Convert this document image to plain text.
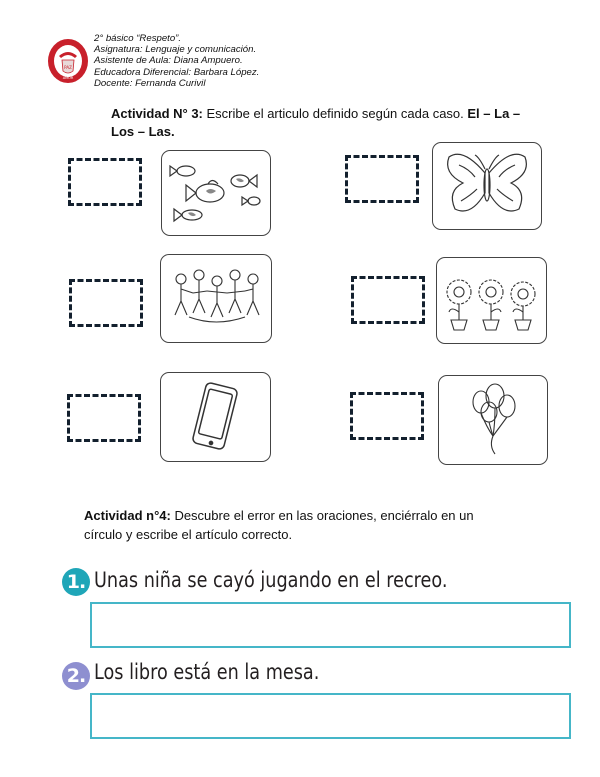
PAZ
AMOR
2° básico “Respeto”.
Asignatura: Lenguaje y comunicación.
Asistente de Aula: Diana Ampuero.
Educadora Diferencial: Barbara López.
Docente: Fernanda Curivil
Actividad N° 3: Escribe el articulo definido según cada caso. El – La – Los – Las.
Actividad n°4: Descubre el error en las oraciones, enciérralo en un círculo y escribe el artículo correcto.
1. Unas niña se cayó jugando en el recreo.
2. Los libro está en la mesa.
